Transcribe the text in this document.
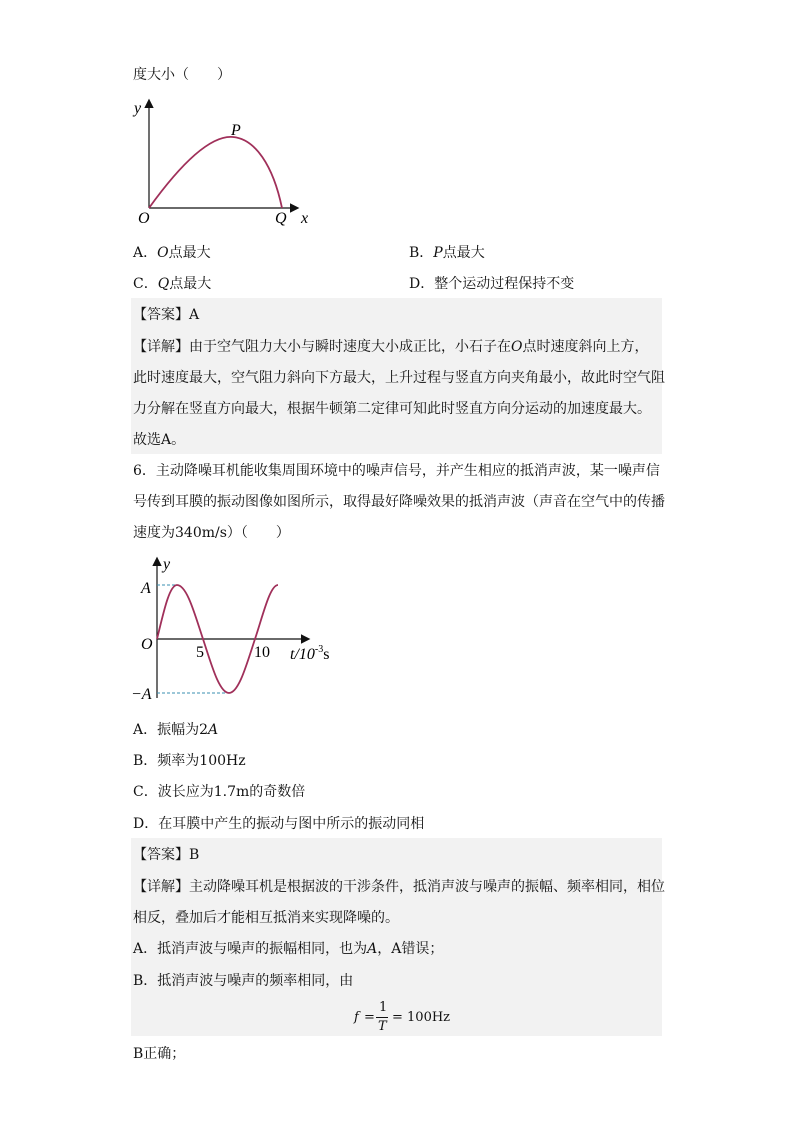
度大小（　　）
y
x
O
P
Q
A．O点最大	B．P点最大
C．Q点最大	D．整个运动过程保持不变
【答案】A
【详解】由于空气阻力大小与瞬时速度大小成正比，小石子在O点时速度斜向上方，
此时速度最大，空气阻力斜向下方最大，上升过程与竖直方向夹角最小，故此时空气阻
力分解在竖直方向最大，根据牛顿第二定律可知此时竖直方向分运动的加速度最大。
故选A。
6．主动降噪耳机能收集周围环境中的噪声信号，并产生相应的抵消声波，某一噪声信
号传到耳膜的振动图像如图所示，取得最好降噪效果的抵消声波（声音在空气中的传播
速度为340m/s）（　　）
y
A
−A
O	5	10 $t/10^{-3}s$
A．振幅为2A
B．频率为100Hz
C．波长应为1.7m的奇数倍
D．在耳膜中产生的振动与图中所示的振动同相
【答案】B
【详解】主动降噪耳机是根据波的干涉条件，抵消声波与噪声的振幅、频率相同，相位
相反，叠加后才能相互抵消来实现降噪的。
A．抵消声波与噪声的振幅相同，也为A，A错误；
B．抵消声波与噪声的频率相同，由
f =
1
T
= 100Hz
B正确；
